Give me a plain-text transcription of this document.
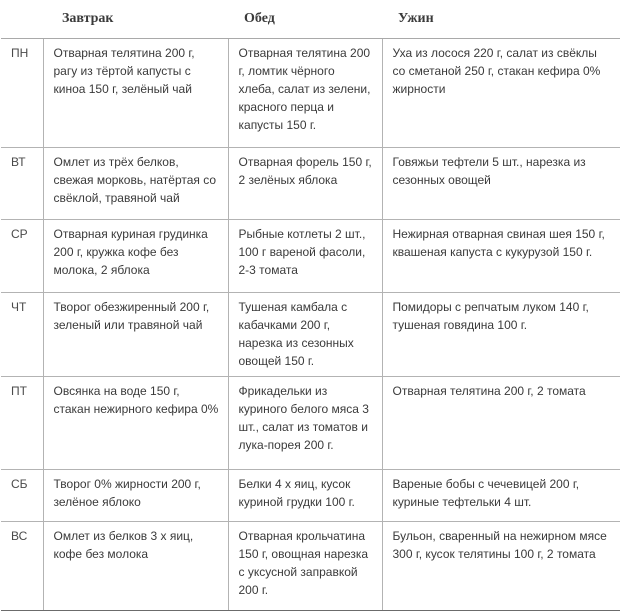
	Завтрак	Обед	Ужин
ПН	Отварная телятина 200 г, рагу из тёртой капусты с киноа 150 г, зелёный чай	Отварная телятина 200 г, ломтик чёрного хлеба, салат из зелени, красного перца и капусты 150 г.	Уха из лосося 220 г, салат из свёклы со сметаной 250 г, стакан кефира 0% жирности
ВТ	Омлет из трёх белков, свежая морковь, натёртая со свёклой, травяной чай	Отварная форель 150 г, 2 зелёных яблока	Говяжьи тефтели 5 шт., нарезка из сезонных овощей
СР	Отварная куриная грудинка 200 г, кружка кофе без молока, 2 яблока	Рыбные котлеты 2 шт., 100 г вареной фасоли, 2-3 томата	Нежирная отварная свиная шея 150 г, квашеная капуста с кукурузой 150 г.
ЧТ	Творог обезжиренный 200 г, зеленый или травяной чай	Тушеная камбала с кабачками 200 г, нарезка из сезонных овощей 150 г.	Помидоры с репчатым луком 140 г, тушеная говядина 100 г.
ПТ	Овсянка на воде 150 г, стакан нежирного кефира 0%	Фрикадельки из куриного белого мяса 3 шт., салат из томатов и лука-порея 200 г.	Отварная телятина 200 г, 2 томата
СБ	Творог 0% жирности 200 г, зелёное яблоко	Белки 4 х яиц, кусок куриной грудки 100 г.	Вареные бобы с чечевицей 200 г, куриные тефтельки 4 шт.
ВС	Омлет из белков 3 х яиц, кофе без молока	Отварная крольчатина 150 г, овощная нарезка с уксусной заправкой 200 г.	Бульон, сваренный на нежирном мясе 300 г, кусок телятины 100 г, 2 томата
